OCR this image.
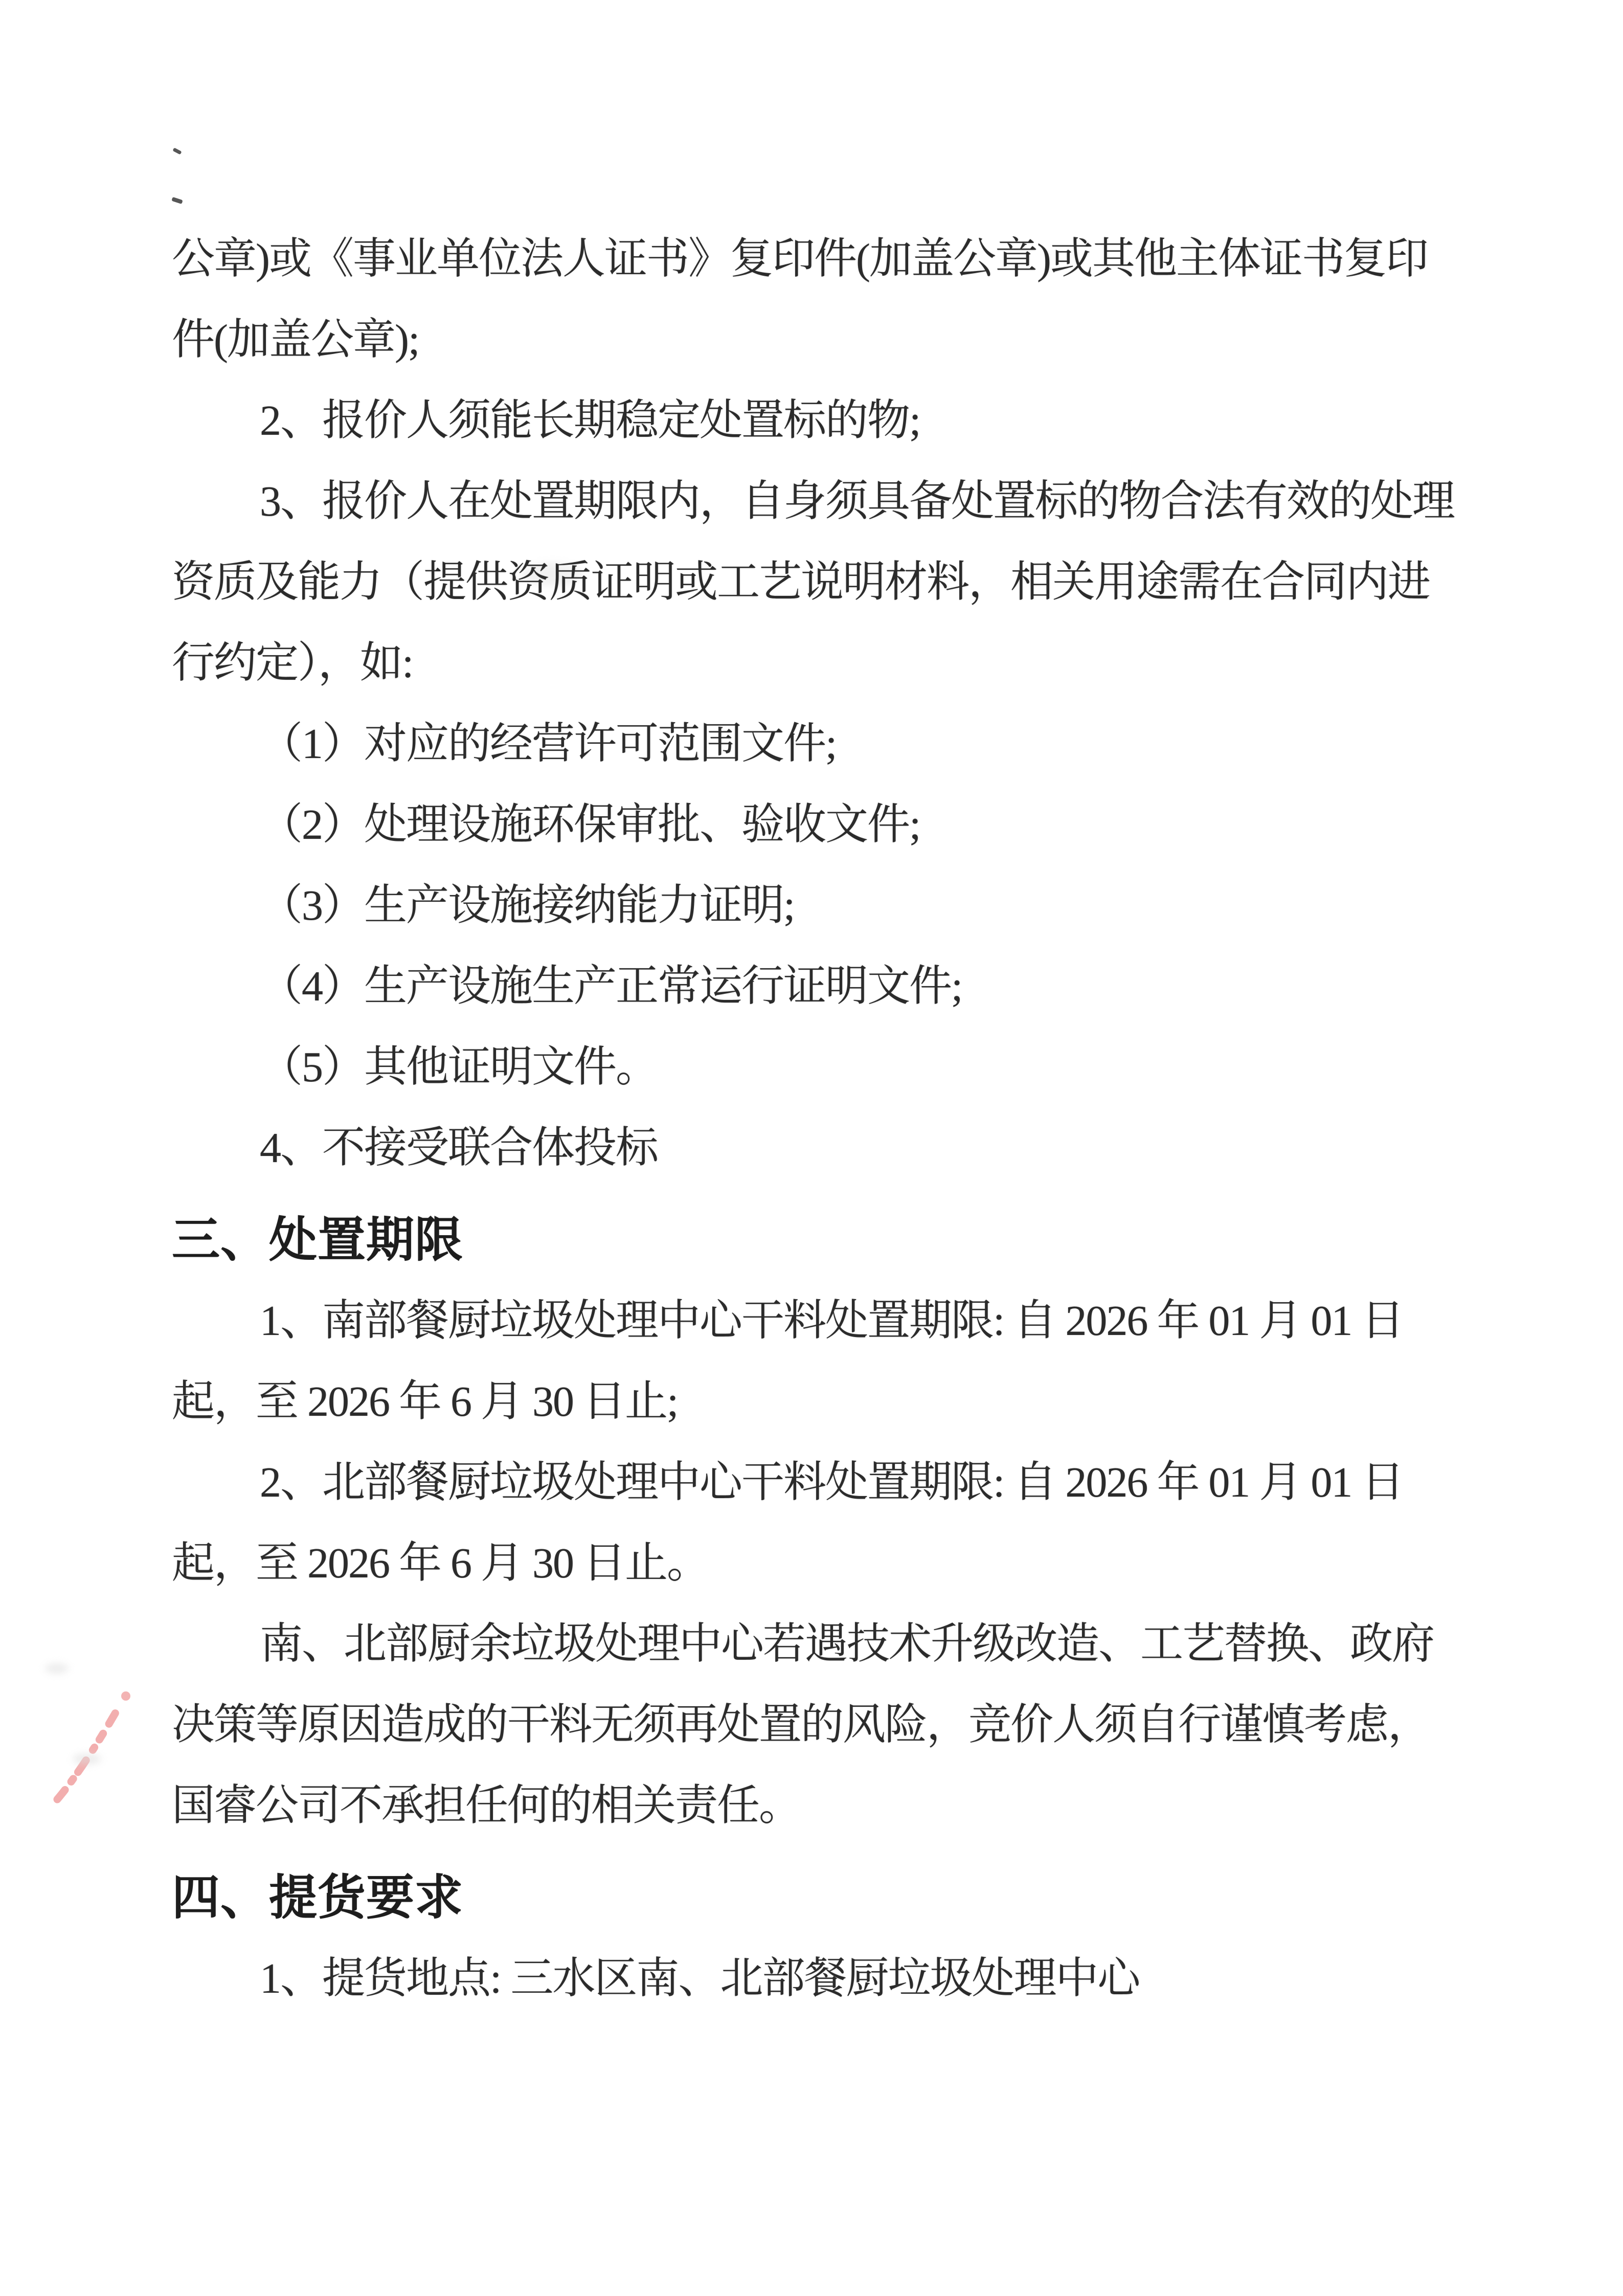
公章)或《事业单位法人证书》复印件(加盖公章)或其他主体证书复印
件(加盖公章);
2、报价人须能长期稳定处置标的物;
3、报价人在处置期限内，自身须具备处置标的物合法有效的处理
资质及能力（提供资质证明或工艺说明材料，相关用途需在合同内进
行约定），如:
（1）对应的经营许可范围文件;
（2）处理设施环保审批、验收文件;
（3）生产设施接纳能力证明;
（4）生产设施生产正常运行证明文件;
（5）其他证明文件。
4、不接受联合体投标
三、处置期限
1、南部餐厨垃圾处理中心干料处置期限: 自 2026 年 01 月 01 日
起，至 2026 年 6 月 30 日止;
2、北部餐厨垃圾处理中心干料处置期限: 自 2026 年 01 月 01 日
起，至 2026 年 6 月 30 日止。
南、北部厨余垃圾处理中心若遇技术升级改造、工艺替换、政府
决策等原因造成的干料无须再处置的风险，竞价人须自行谨慎考虑，
国睿公司不承担任何的相关责任。
四、提货要求
1、提货地点: 三水区南、北部餐厨垃圾处理中心
